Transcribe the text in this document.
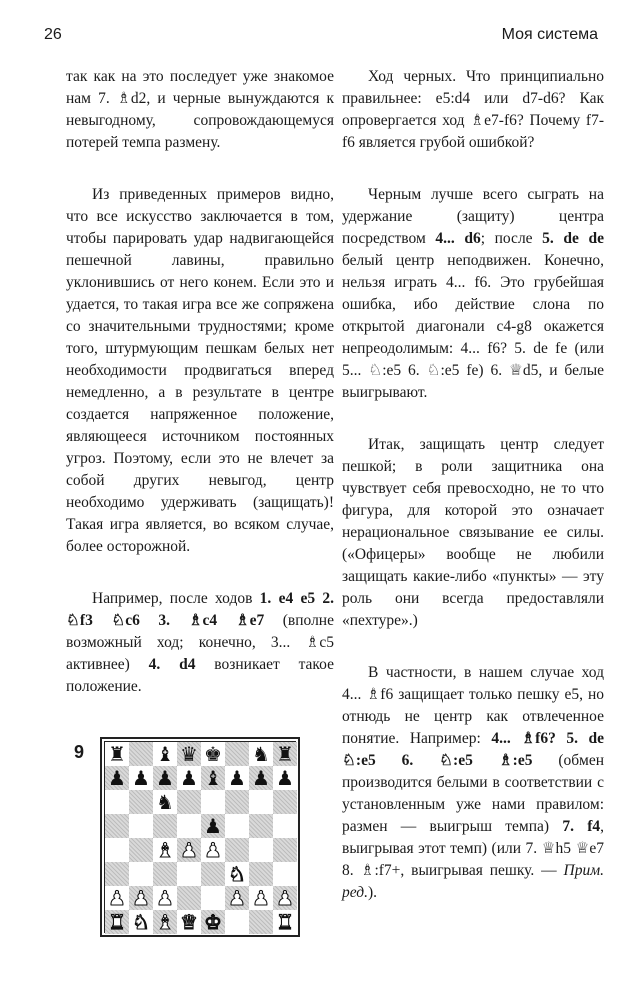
26	Моя система

так как на это последует уже знакомое нам 7. ♗d2, и черные вынуждаются к невыгодному, сопровождающемуся потерей темпа размену.

Из приведенных примеров видно, что все искусство заключается в том, чтобы парировать удар надвигающейся пешечной лавины, правильно уклонившись от него конем. Если это и удается, то такая игра все же сопряжена со значительными трудностями; кроме того, штурмующим пешкам белых нет необходимости продвигаться вперед немедленно, а в результате в центре создается напряженное положение, являющееся источником постоянных угроз. Поэтому, если это не влечет за собой других невыгод, центр необходимо удерживать (защищать)! Такая игра является, во всяком случае, более осторожной.

Например, после ходов 1. e4 e5 2. ♘f3 ♘c6 3. ♗c4 ♗e7 (вполне возможный ход; конечно, 3... ♗c5 активнее) 4. d4 возникает такое положение.

9 ♜ ♝ ♛ ♚ ♞ ♜
♟ ♟ ♟ ♟ ♝ ♟ ♟ ♟
♞
♟
♝ ♟ ♟
♞
♟ ♟ ♟	♟ ♟ ♟
♜ ♞ ♝ ♛ ♚	♜

Ход черных. Что принципиально правильнее: e5:d4 или d7-d6? Как опровергается ход ♗e7-f6? Почему f7-f6 является грубой ошибкой?

Черным лучше всего сыграть на удержание (защиту) центра посредством 4... d6; после 5. de de белый центр неподвижен. Конечно, нельзя играть 4... f6. Это грубейшая ошибка, ибо действие слона по открытой диагонали c4-g8 окажется непреодолимым: 4... f6? 5. de fe (или 5... ♘:e5 6. ♘:e5 fe) 6. ♕d5, и белые выигрывают.

Итак, защищать центр следует пешкой; в роли защитника она чувствует себя превосходно, не то что фигура, для которой это означает нерациональное связывание ее силы. («Офицеры» вообще не любили защищать какие-либо «пункты» — эту роль они всегда предоставляли «пехтуре».)

В частности, в нашем случае ход 4... ♗f6 защищает только пешку e5, но отнюдь не центр как отвлеченное понятие. Например: 4... ♗f6? 5. de ♘:e5 6. ♘:e5 ♗:e5 (обмен производится белыми в соответствии с установленным уже нами правилом: размен — выигрыш темпа) 7. f4, выигрывая этот темп) (или 7. ♕h5 ♕e7 8. ♗:f7+, выигрывая пешку. — Прим. ред.).
